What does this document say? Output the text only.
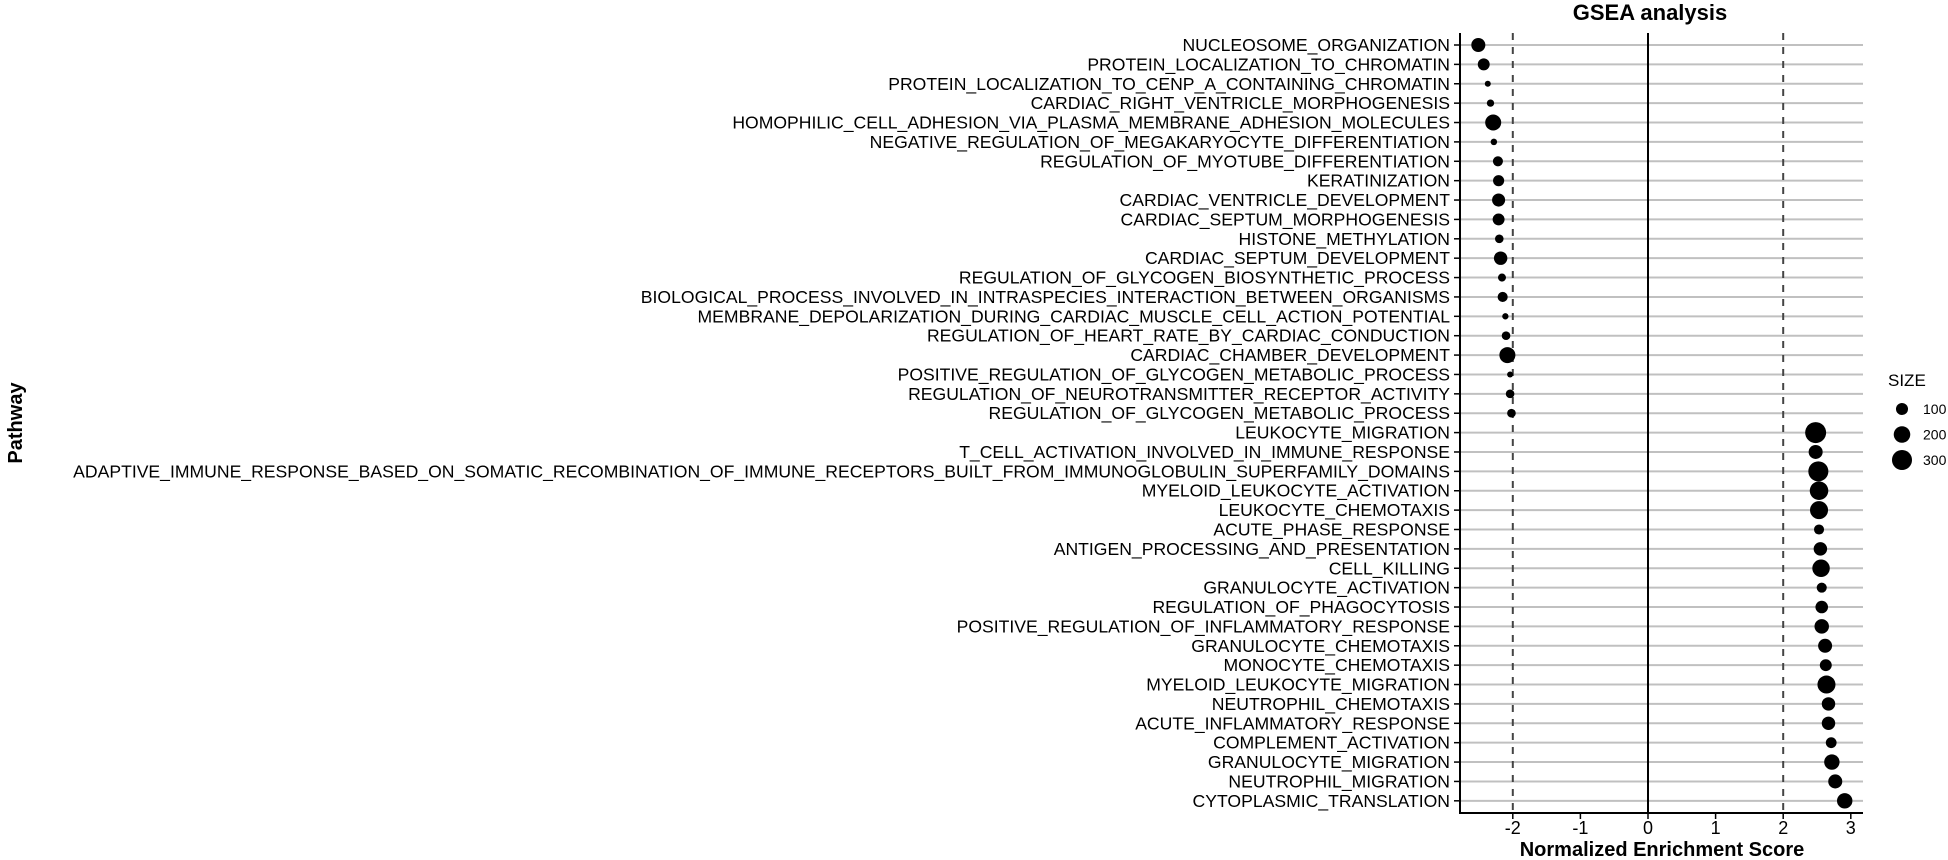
GSEA analysis
NUCLEOSOME_ORGANIZATION
PROTEIN_LOCALIZATION_TO_CHROMATIN
PROTEIN_LOCALIZATION_TO_CENP_A_CONTAINING_CHROMATIN
CARDIAC_RIGHT_VENTRICLE_MORPHOGENESIS
HOMOPHILIC_CELL_ADHESION_VIA_PLASMA_MEMBRANE_ADHESION_MOLECULES
NEGATIVE_REGULATION_OF_MEGAKARYOCYTE_DIFFERENTIATION
REGULATION_OF_MYOTUBE_DIFFERENTIATION
KERATINIZATION
CARDIAC_VENTRICLE_DEVELOPMENT
CARDIAC_SEPTUM_MORPHOGENESIS
HISTONE_METHYLATION
CARDIAC_SEPTUM_DEVELOPMENT
REGULATION_OF_GLYCOGEN_BIOSYNTHETIC_PROCESS
BIOLOGICAL_PROCESS_INVOLVED_IN_INTRASPECIES_INTERACTION_BETWEEN_ORGANISMS
MEMBRANE_DEPOLARIZATION_DURING_CARDIAC_MUSCLE_CELL_ACTION_POTENTIAL
REGULATION_OF_HEART_RATE_BY_CARDIAC_CONDUCTION
CARDIAC_CHAMBER_DEVELOPMENT
POSITIVE_REGULATION_OF_GLYCOGEN_METABOLIC_PROCESS
REGULATION_OF_NEUROTRANSMITTER_RECEPTOR_ACTIVITY
REGULATION_OF_GLYCOGEN_METABOLIC_PROCESS
LEUKOCYTE_MIGRATION
T_CELL_ACTIVATION_INVOLVED_IN_IMMUNE_RESPONSE
ADAPTIVE_IMMUNE_RESPONSE_BASED_ON_SOMATIC_RECOMBINATION_OF_IMMUNE_RECEPTORS_BUILT_FROM_IMMUNOGLOBULIN_SUPERFAMILY_DOMAINS
MYELOID_LEUKOCYTE_ACTIVATION
LEUKOCYTE_CHEMOTAXIS
ACUTE_PHASE_RESPONSE
ANTIGEN_PROCESSING_AND_PRESENTATION
CELL_KILLING
GRANULOCYTE_ACTIVATION
REGULATION_OF_PHAGOCYTOSIS
POSITIVE_REGULATION_OF_INFLAMMATORY_RESPONSE
GRANULOCYTE_CHEMOTAXIS
MONOCYTE_CHEMOTAXIS
MYELOID_LEUKOCYTE_MIGRATION
NEUTROPHIL_CHEMOTAXIS
ACUTE_INFLAMMATORY_RESPONSE
COMPLEMENT_ACTIVATION
GRANULOCYTE_MIGRATION
NEUTROPHIL_MIGRATION
CYTOPLASMIC_TRANSLATION
-2	-1	0	1	2	3
Normalized Enrichment Score
Pathway
SIZE
100
200
300
